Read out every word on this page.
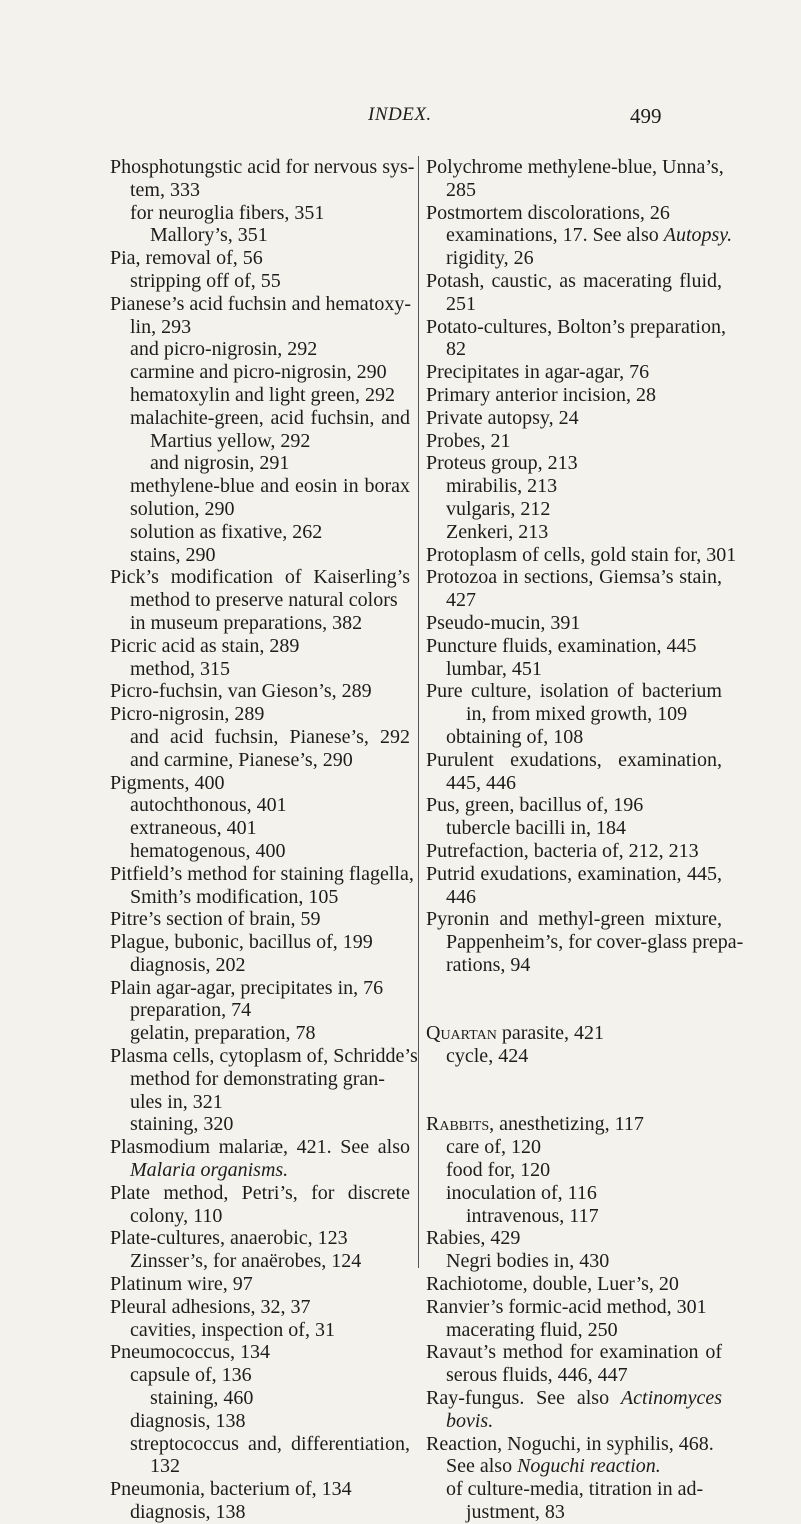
INDEX.	499
Phosphotungstic acid for nervous sys-
tem, 333
for neuroglia fibers, 351
Mallory’s, 351
Pia, removal of, 56
stripping off of, 55
Pianese’s acid fuchsin and hematoxy-
lin, 293
and picro-nigrosin, 292
carmine and picro-nigrosin, 290
hematoxylin and light green, 292
malachite-green, acid fuchsin, and
Martius yellow, 292
and nigrosin, 291
methylene-blue and eosin in borax
solution, 290
solution as fixative, 262
stains, 290
Pick’s modification of Kaiserling’s
method to preserve natural colors
in museum preparations, 382
Picric acid as stain, 289
method, 315
Picro-fuchsin, van Gieson’s, 289
Picro-nigrosin, 289
and acid fuchsin, Pianese’s, 292
and carmine, Pianese’s, 290
Pigments, 400
autochthonous, 401
extraneous, 401
hematogenous, 400
Pitfield’s method for staining flagella,
Smith’s modification, 105
Pitre’s section of brain, 59
Plague, bubonic, bacillus of, 199
diagnosis, 202
Plain agar-agar, precipitates in, 76
preparation, 74
gelatin, preparation, 78
Plasma cells, cytoplasm of, Schridde’s
method for demonstrating gran-
ules in, 321
staining, 320
Plasmodium malariæ, 421. See also
Malaria organisms.
Plate method, Petri’s, for discrete
colony, 110
Plate-cultures, anaerobic, 123
Zinsser’s, for anaërobes, 124
Platinum wire, 97
Pleural adhesions, 32, 37
cavities, inspection of, 31
Pneumococcus, 134
capsule of, 136
staining, 460
diagnosis, 138
streptococcus and, differentiation,
132
Pneumonia, bacterium of, 134
diagnosis, 138
Polychrome methylene-blue, Unna’s,
285
Postmortem discolorations, 26
examinations, 17. See also Autopsy.
rigidity, 26
Potash, caustic, as macerating fluid,
251
Potato-cultures, Bolton’s preparation,
82
Precipitates in agar-agar, 76
Primary anterior incision, 28
Private autopsy, 24
Probes, 21
Proteus group, 213
mirabilis, 213
vulgaris, 212
Zenkeri, 213
Protoplasm of cells, gold stain for, 301
Protozoa in sections, Giemsa’s stain,
427
Pseudo-mucin, 391
Puncture fluids, examination, 445
lumbar, 451
Pure culture, isolation of bacterium
in, from mixed growth, 109
obtaining of, 108
Purulent exudations, examination,
445, 446
Pus, green, bacillus of, 196
tubercle bacilli in, 184
Putrefaction, bacteria of, 212, 213
Putrid exudations, examination, 445,
446
Pyronin and methyl-green mixture,
Pappenheim’s, for cover-glass prepa-
rations, 94

Quartan parasite, 421
cycle, 424

Rabbits, anesthetizing, 117
care of, 120
food for, 120
inoculation of, 116
intravenous, 117
Rabies, 429
Negri bodies in, 430
Rachiotome, double, Luer’s, 20
Ranvier’s formic-acid method, 301
macerating fluid, 250
Ravaut’s method for examination of
serous fluids, 446, 447
Ray-fungus. See also Actinomyces
bovis.
Reaction, Noguchi, in syphilis, 468.
See also Noguchi reaction.
of culture-media, titration in ad-
justment, 83
